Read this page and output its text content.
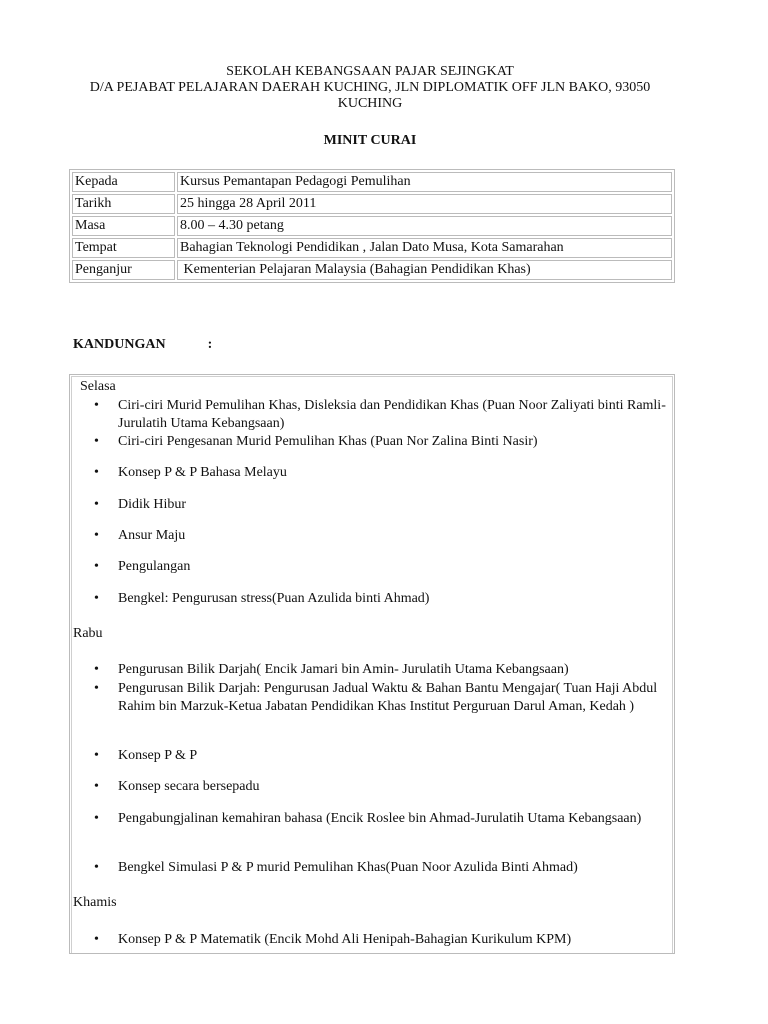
SEKOLAH KEBANGSAAN PAJAR SEJINGKAT
D/A PEJABAT PELAJARAN DAERAH KUCHING, JLN DIPLOMATIK OFF JLN BAKO, 93050
KUCHING
MINIT CURAI
Kepada	Kursus Pemantapan Pedagogi Pemulihan
Tarikh	25 hingga 28 April 2011
Masa	8.00 – 4.30 petang
Tempat	Bahagian Teknologi Pendidikan , Jalan Dato Musa, Kota Samarahan
Penganjur	Kementerian Pelajaran Malaysia (Bahagian Pendidikan Khas)
KANDUNGAN	:
Selasa
Ciri-ciri Murid Pemulihan Khas, Disleksia dan Pendidikan Khas (Puan Noor Zaliyati binti Ramli- Jurulatih Utama Kebangsaan)
Ciri-ciri Pengesanan Murid Pemulihan Khas (Puan Nor Zalina Binti Nasir)
Konsep P & P Bahasa Melayu
Didik Hibur
Ansur Maju
Pengulangan
Bengkel: Pengurusan stress(Puan Azulida binti Ahmad)
Rabu
Pengurusan Bilik Darjah( Encik Jamari bin Amin- Jurulatih Utama Kebangsaan)
Pengurusan Bilik Darjah: Pengurusan Jadual Waktu & Bahan Bantu Mengajar( Tuan Haji Abdul Rahim bin Marzuk-Ketua Jabatan Pendidikan Khas Institut Perguruan Darul Aman, Kedah )
Konsep P & P
Konsep secara bersepadu
Pengabungjalinan kemahiran bahasa (Encik Roslee bin Ahmad-Jurulatih Utama Kebangsaan)
Bengkel Simulasi P & P murid Pemulihan Khas(Puan Noor Azulida Binti Ahmad)
Khamis
Konsep P & P Matematik (Encik Mohd Ali Henipah-Bahagian Kurikulum KPM)
